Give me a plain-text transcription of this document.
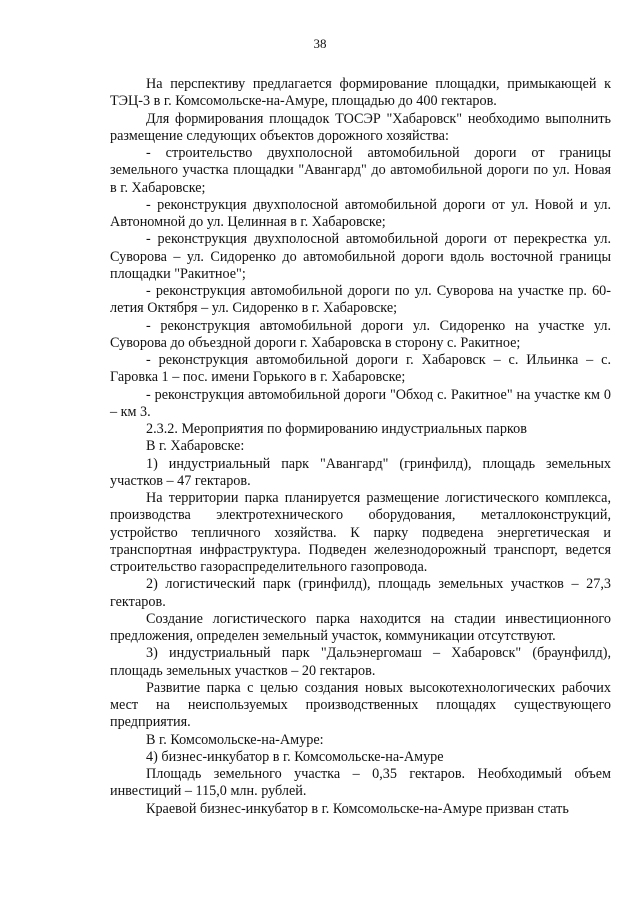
38

На перспективу предлагается формирование площадки, примыкающей к ТЭЦ-3 в г. Комсомольске-на-Амуре, площадью до 400 гектаров.

Для формирования площадок ТОСЭР "Хабаровск" необходимо выполнить размещение следующих объектов дорожного хозяйства:

- строительство двухполосной автомобильной дороги от границы земельного участка площадки "Авангард" до автомобильной дороги по ул. Новая в г. Хабаровске;

- реконструкция двухполосной автомобильной дороги от ул. Новой и ул. Автономной до ул. Целинная в г. Хабаровске;

- реконструкция двухполосной автомобильной дороги от перекрестка ул. Суворова – ул. Сидоренко до автомобильной дороги вдоль восточной границы площадки "Ракитное";

- реконструкция автомобильной дороги по ул. Суворова на участке пр. 60-летия Октября – ул. Сидоренко в г. Хабаровске;

- реконструкция автомобильной дороги ул. Сидоренко на участке ул. Суворова до объездной дороги г. Хабаровска в сторону с. Ракитное;

- реконструкция автомобильной дороги г. Хабаровск – с. Ильинка – с. Гаровка 1 – пос. имени Горького в г. Хабаровске;

- реконструкция автомобильной дороги "Обход с. Ракитное" на участке км 0 – км 3.

2.3.2. Мероприятия по формированию индустриальных парков

В г. Хабаровске:

1) индустриальный парк "Авангард" (гринфилд), площадь земельных участков – 47 гектаров.

На территории парка планируется размещение логистического комплекса, производства электротехнического оборудования, металлоконструкций, устройство тепличного хозяйства. К парку подведена энергетическая и транспортная инфраструктура. Подведен железнодорожный транспорт, ведется строительство газораспределительного газопровода.

2) логистический парк (гринфилд), площадь земельных участков – 27,3 гектаров.

Создание логистического парка находится на стадии инвестиционного предложения, определен земельный участок, коммуникации отсутствуют.

3) индустриальный парк "Дальэнергомаш – Хабаровск" (браунфилд), площадь земельных участков – 20 гектаров.

Развитие парка с целью создания новых высокотехнологических рабочих мест на неиспользуемых производственных площадях существующего предприятия.

В г. Комсомольске-на-Амуре:

4) бизнес-инкубатор в г. Комсомольске-на-Амуре

Площадь земельного участка – 0,35 гектаров. Необходимый объем инвестиций – 115,0 млн. рублей.

Краевой бизнес-инкубатор в г. Комсомольске-на-Амуре призван стать
